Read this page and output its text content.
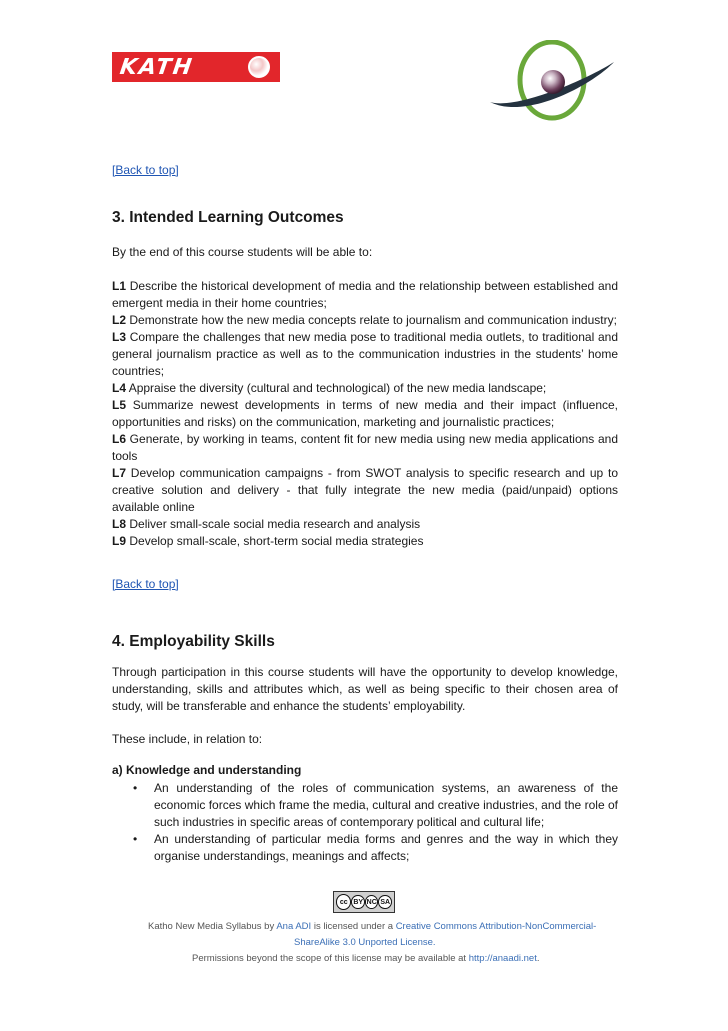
KATH
[Back to top]
3. Intended Learning Outcomes
By the end of this course students will be able to:
L1 Describe the historical development of media and the relationship between established and emergent media in their home countries;
L2 Demonstrate how the new media concepts relate to journalism and communication industry;
L3 Compare the challenges that new media pose to traditional media outlets, to traditional and general journalism practice as well as to the communication industries in the students’ home countries;
L4 Appraise the diversity (cultural and technological) of the new media landscape;
L5 Summarize newest developments in terms of new media and their impact (influence, opportunities and risks) on the communication, marketing and journalistic practices;
L6 Generate, by working in teams, content fit for new media using new media applications and tools
L7 Develop communication campaigns - from SWOT analysis to specific research and up to creative solution and delivery - that fully integrate the new media (paid/unpaid) options available online
L8 Deliver small-scale social media research and analysis
L9 Develop small-scale, short-term social media strategies
[Back to top]
4. Employability Skills
Through participation in this course students will have the opportunity to develop knowledge, understanding, skills and attributes which, as well as being specific to their chosen area of study, will be transferable and enhance the students’ employability.
These include, in relation to:
a) Knowledge and understanding
• An understanding of the roles of communication systems, an awareness of the economic forces which frame the media, cultural and creative industries, and the role of such industries in specific areas of contemporary political and cultural life;
• An understanding of particular media forms and genres and the way in which they organise understandings, meanings and affects;
cc BY NC SA
Katho New Media Syllabus by Ana ADI is licensed under a Creative Commons Attribution-NonCommercial-
ShareAlike 3.0 Unported License.
Permissions beyond the scope of this license may be available at http://anaadi.net.
